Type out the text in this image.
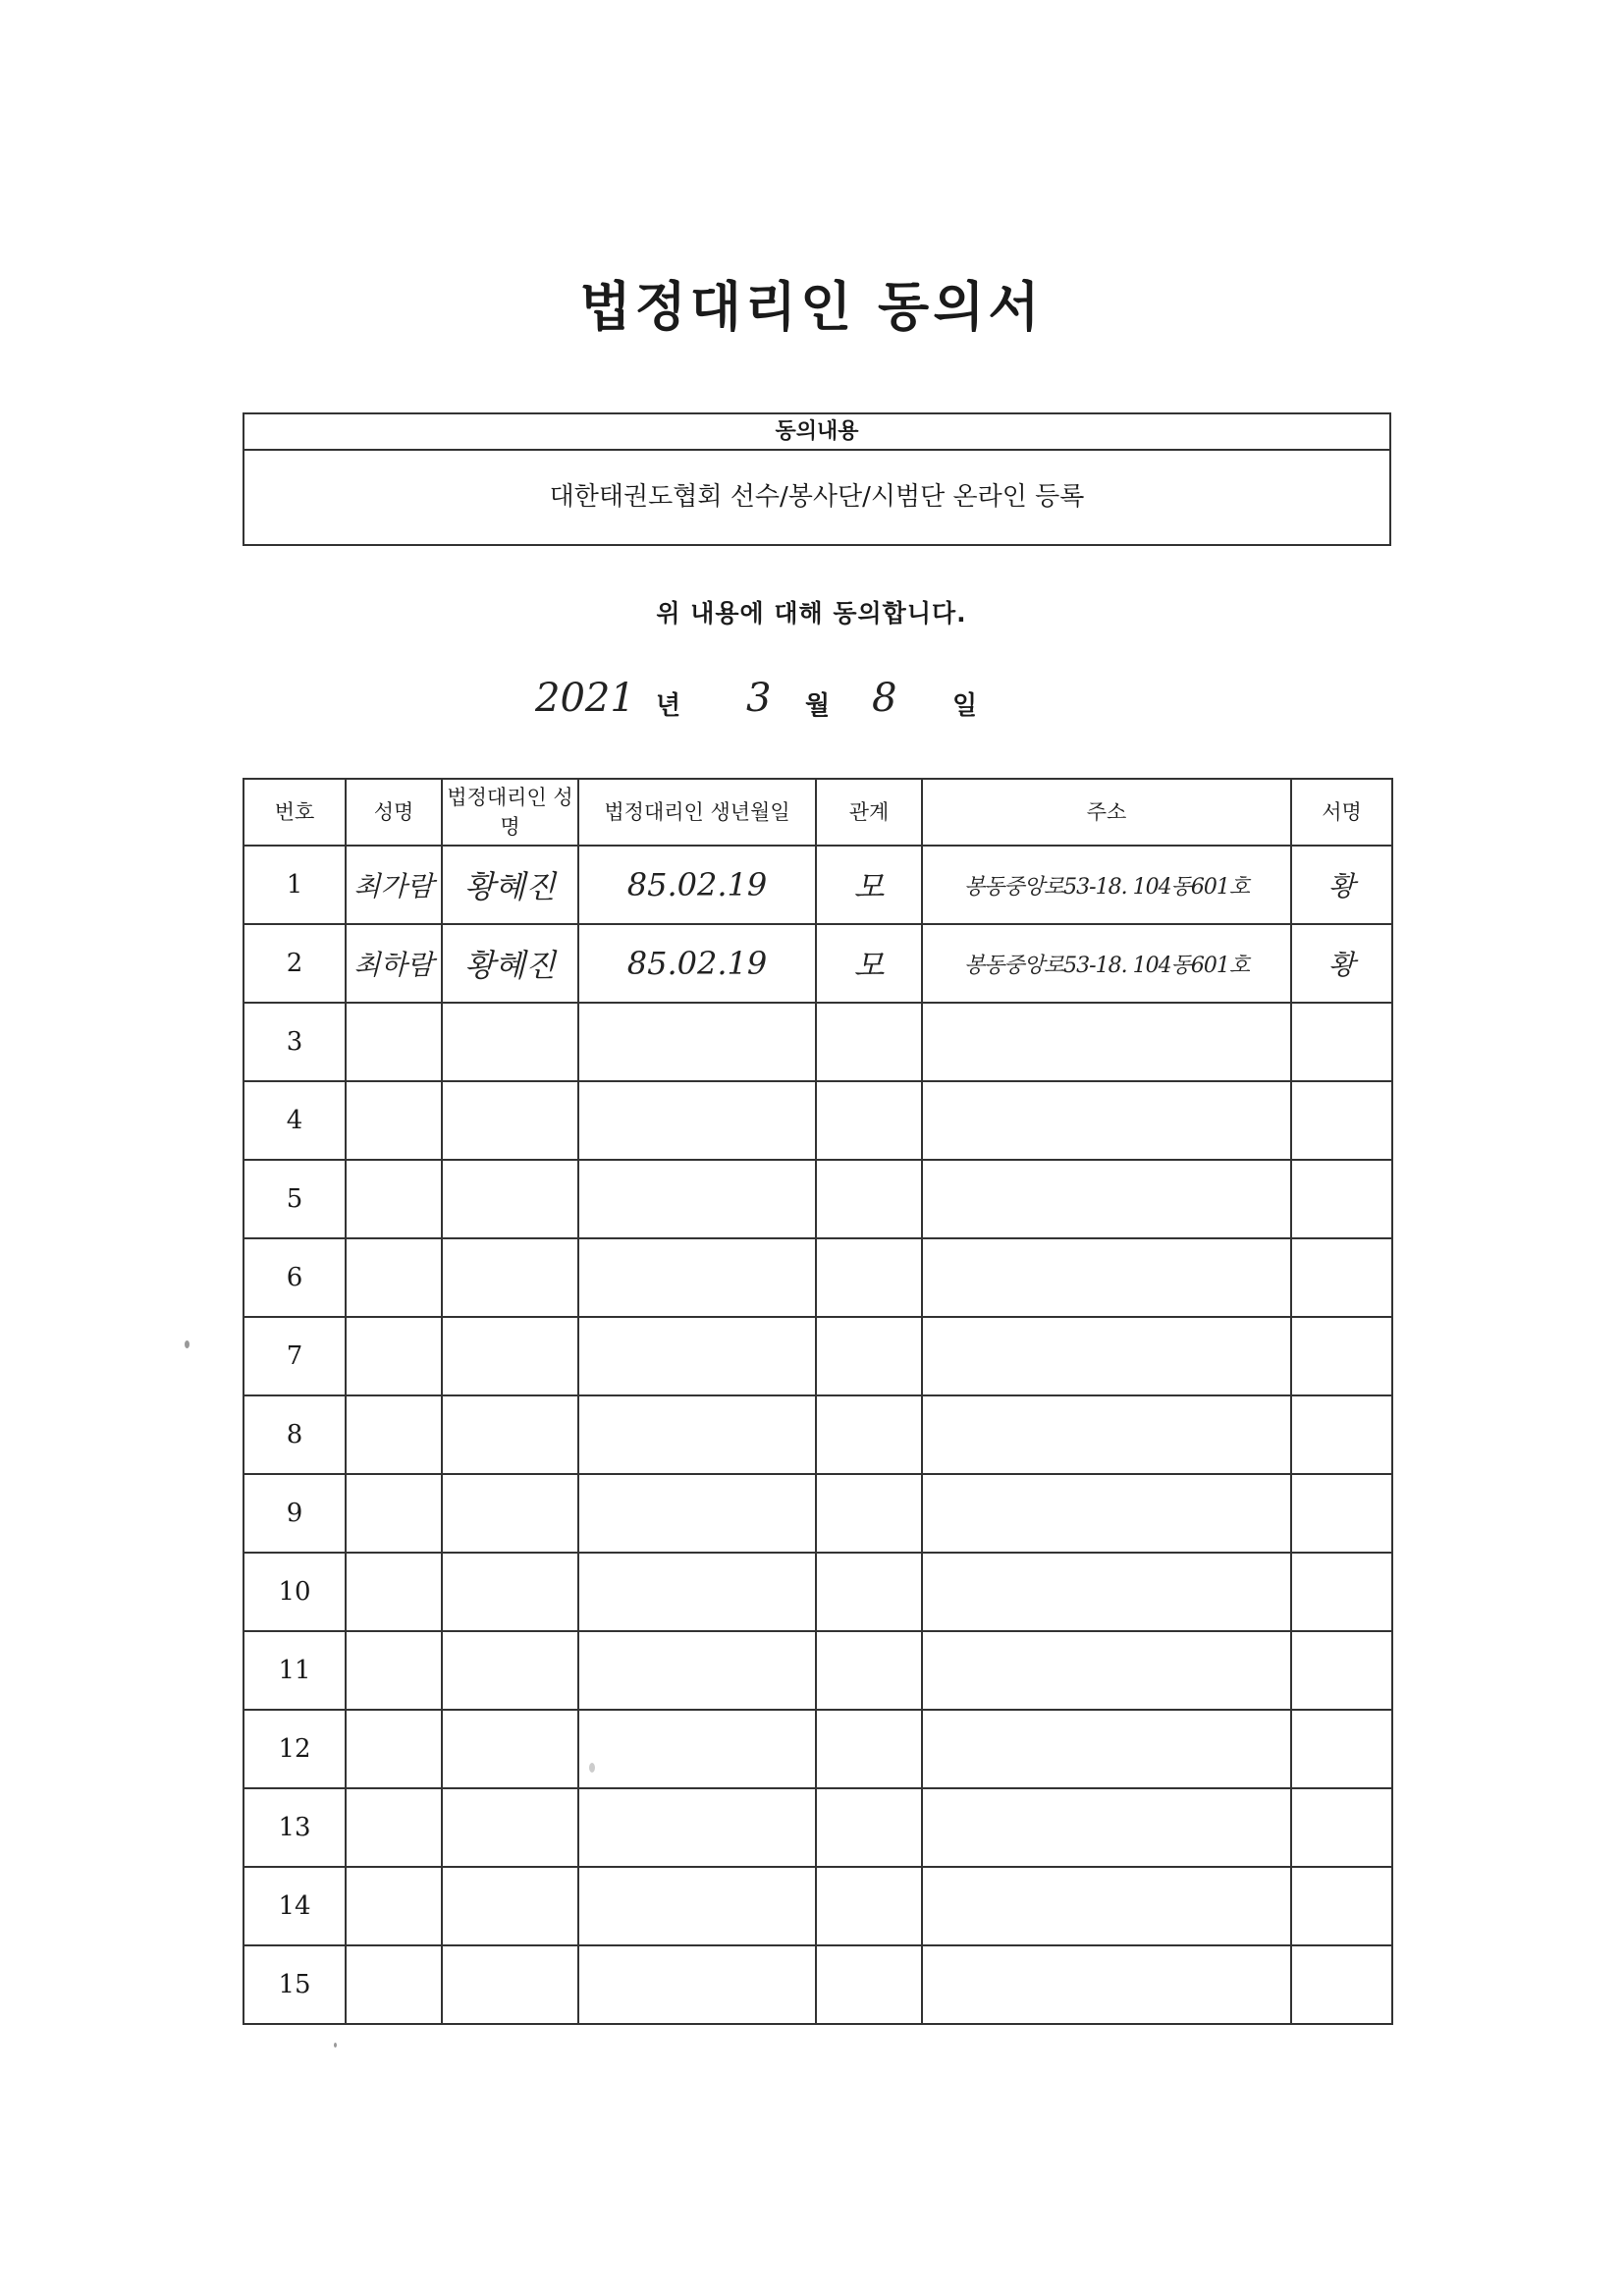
법정대리인 동의서
동의내용
대한태권도협회 선수/봉사단/시범단 온라인 등록
위 내용에 대해 동의합니다.
2021 년 3 월 8 일
번호	성명	법정대리인 성명	법정대리인 생년월일	관계	주소	서명
1	최가람	황혜진	85.02.19	모	봉동중앙로53-18. 104동601호	황
2	최하람	황혜진	85.02.19	모	봉동중앙로53-18. 104동601호	황
3						
4						
5						
6						
7						
8						
9						
10						
11						
12						
13						
14						
15						
